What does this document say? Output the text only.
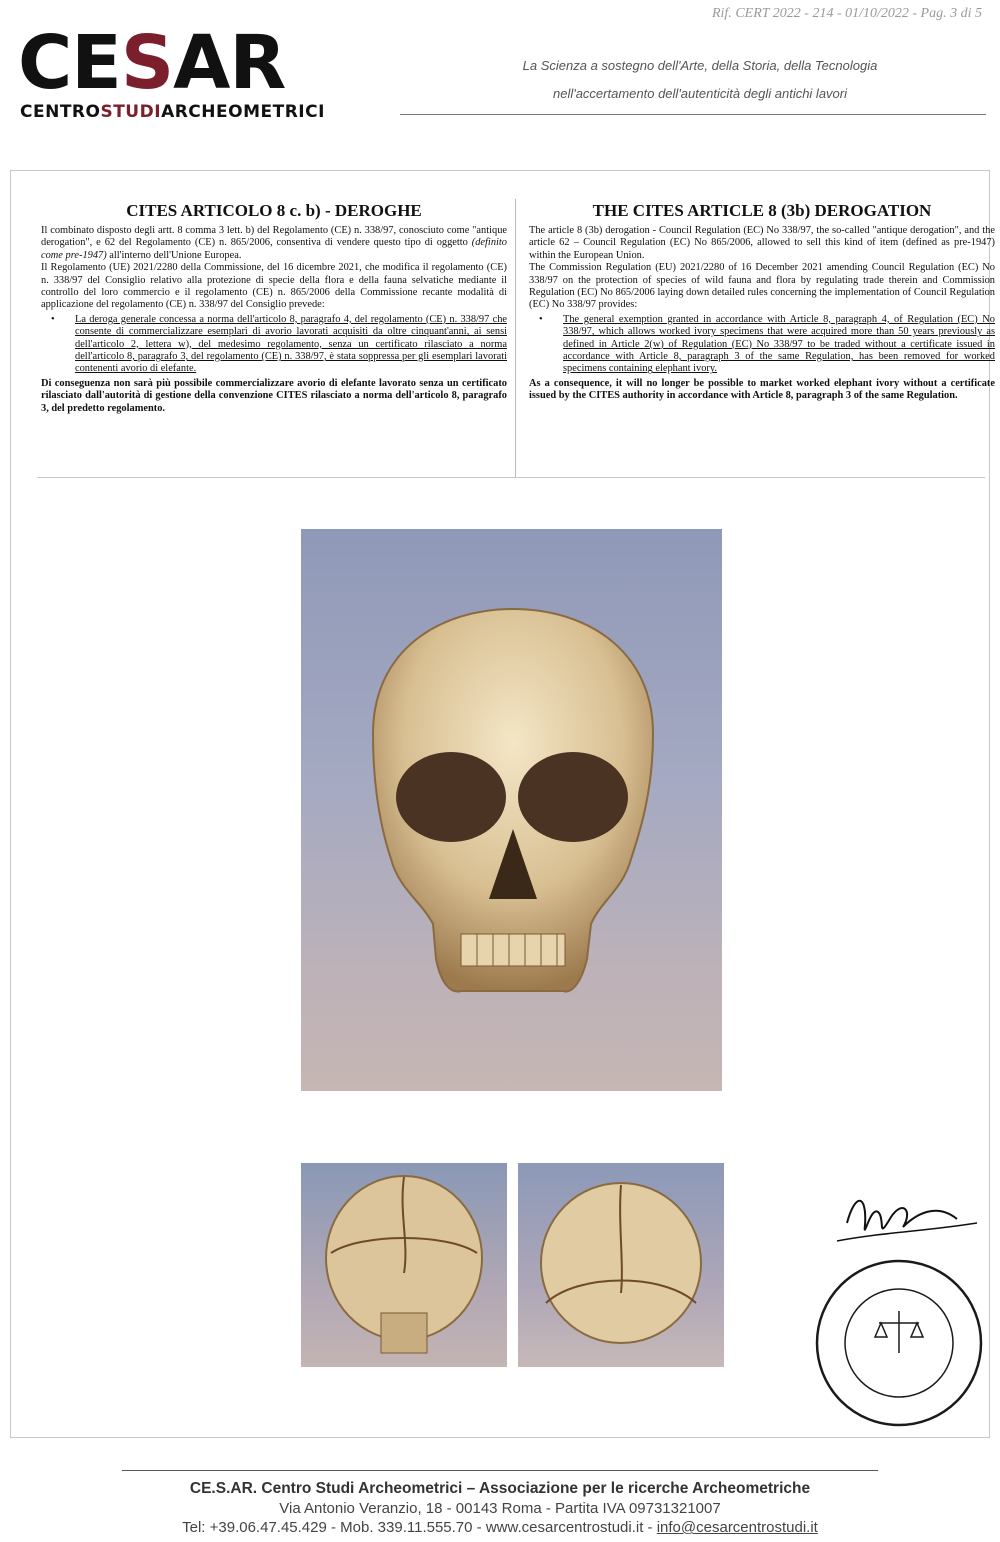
Rif. CERT 2022 - 214 - 01/10/2022 - Pag. 3 di 5
CESAR
CENTROSTUDIARCHEOMETRICI
La Scienza a sostegno dell'Arte, della Storia, della Tecnologia
nell'accertamento dell'autenticità degli antichi lavori
CITES ARTICOLO 8 c. b) - DEROGHE

Il combinato disposto degli artt. 8 comma 3 lett. b) del Regolamento (CE) n. 338/97, conosciuto come "antique derogation", e 62 del Regolamento (CE) n. 865/2006, consentiva di vendere questo tipo di oggetto (definito come pre-1947) all'interno dell'Unione Europea.

Il Regolamento (UE) 2021/2280 della Commissione, del 16 dicembre 2021, che modifica il regolamento (CE) n. 338/97 del Consiglio relativo alla protezione di specie della flora e della fauna selvatiche mediante il controllo del loro commercio e il regolamento (CE) n. 865/2006 della Commissione recante modalità di applicazione del regolamento (CE) n. 338/97 del Consiglio prevede:

• La deroga generale concessa a norma dell'articolo 8, paragrafo 4, del regolamento (CE) n. 338/97 che consente di commercializzare esemplari di avorio lavorati acquisiti da oltre cinquant'anni, ai sensi dell'articolo 2, lettera w), del medesimo regolamento, senza un certificato rilasciato a norma dell'articolo 8, paragrafo 3, del regolamento (CE) n. 338/97, è stata soppressa per gli esemplari lavorati contenenti avorio di elefante.

Di conseguenza non sarà più possibile commercializzare avorio di elefante lavorato senza un certificato rilasciato dall'autorità di gestione della convenzione CITES rilasciato a norma dell'articolo 8, paragrafo 3, del predetto regolamento.

THE CITES ARTICLE 8 (3b) DEROGATION

The article 8 (3b) derogation - Council Regulation (EC) No 338/97, the so-called "antique derogation", and the article 62 – Council Regulation (EC) No 865/2006, allowed to sell this kind of item (defined as pre-1947) within the European Union.

The Commission Regulation (EU) 2021/2280 of 16 December 2021 amending Council Regulation (EC) No 338/97 on the protection of species of wild fauna and flora by regulating trade therein and Commission Regulation (EC) No 865/2006 laying down detailed rules concerning the implementation of Council Regulation (EC) No 338/97 provides:

• The general exemption granted in accordance with Article 8, paragraph 4, of Regulation (EC) No 338/97, which allows worked ivory specimens that were acquired more than 50 years previously as defined in Article 2(w) of Regulation (EC) No 338/97 to be traded without a certificate issued in accordance with Article 8, paragraph 3 of the same Regulation, has been removed for worked specimens containing elephant ivory.

As a consequence, it will no longer be possible to market worked elephant ivory without a certificate issued by the CITES authority in accordance with Article 8, paragraph 3 of the same Regulation.

CE.S.AR. Centro Studi Archeometrici – Associazione per le ricerche Archeometriche
Via Antonio Veranzio, 18 - 00143 Roma - Partita IVA 09731321007
Tel: +39.06.47.45.429 - Mob. 339.11.555.70 - www.cesarcentrostudi.it - info@cesarcentrostudi.it
